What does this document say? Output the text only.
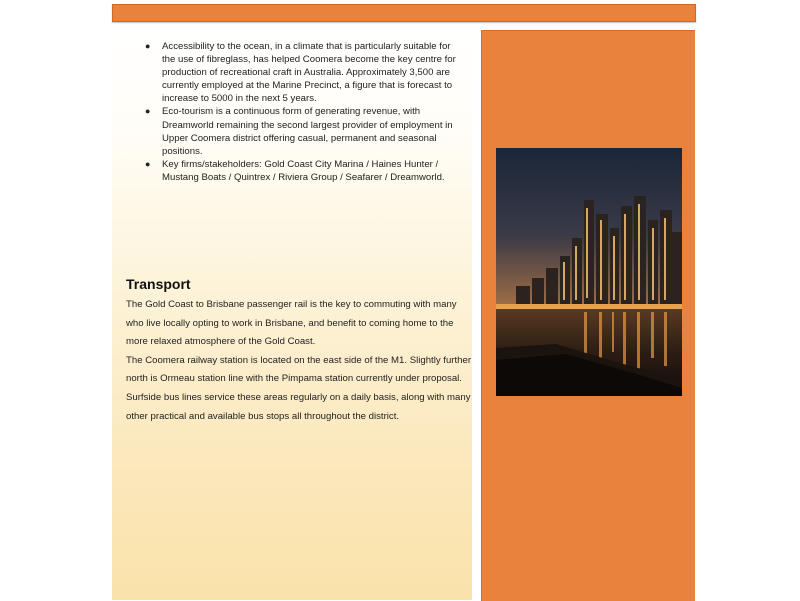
● Accessibility to the ocean, in a climate that is particularly suitable for the use of fibreglass, has helped Coomera become the key centre for production of recreational craft in Australia. Approximately 3,500 are currently employed at the Marine Precinct, a figure that is forecast to increase to 5000 in the next 5 years.
● Eco-tourism is a continuous form of generating revenue, with Dreamworld remaining the second largest provider of employment in Upper Coomera district offering casual, permanent and seasonal positions.
● Key firms/stakeholders: Gold Coast City Marina / Haines Hunter / Mustang Boats / Quintrex / Riviera Group / Seafarer / Dreamworld.
Transport

The Gold Coast to Brisbane passenger rail is the key to commuting with many who live locally opting to work in Brisbane, and benefit to coming home to the more relaxed atmosphere of the Gold Coast.

The Coomera railway station is located on the east side of the M1. Slightly further north is Ormeau station line with the Pimpama station currently under proposal.

Surfside bus lines service these areas regularly on a daily basis, along with many other practical and available bus stops all throughout the district.
